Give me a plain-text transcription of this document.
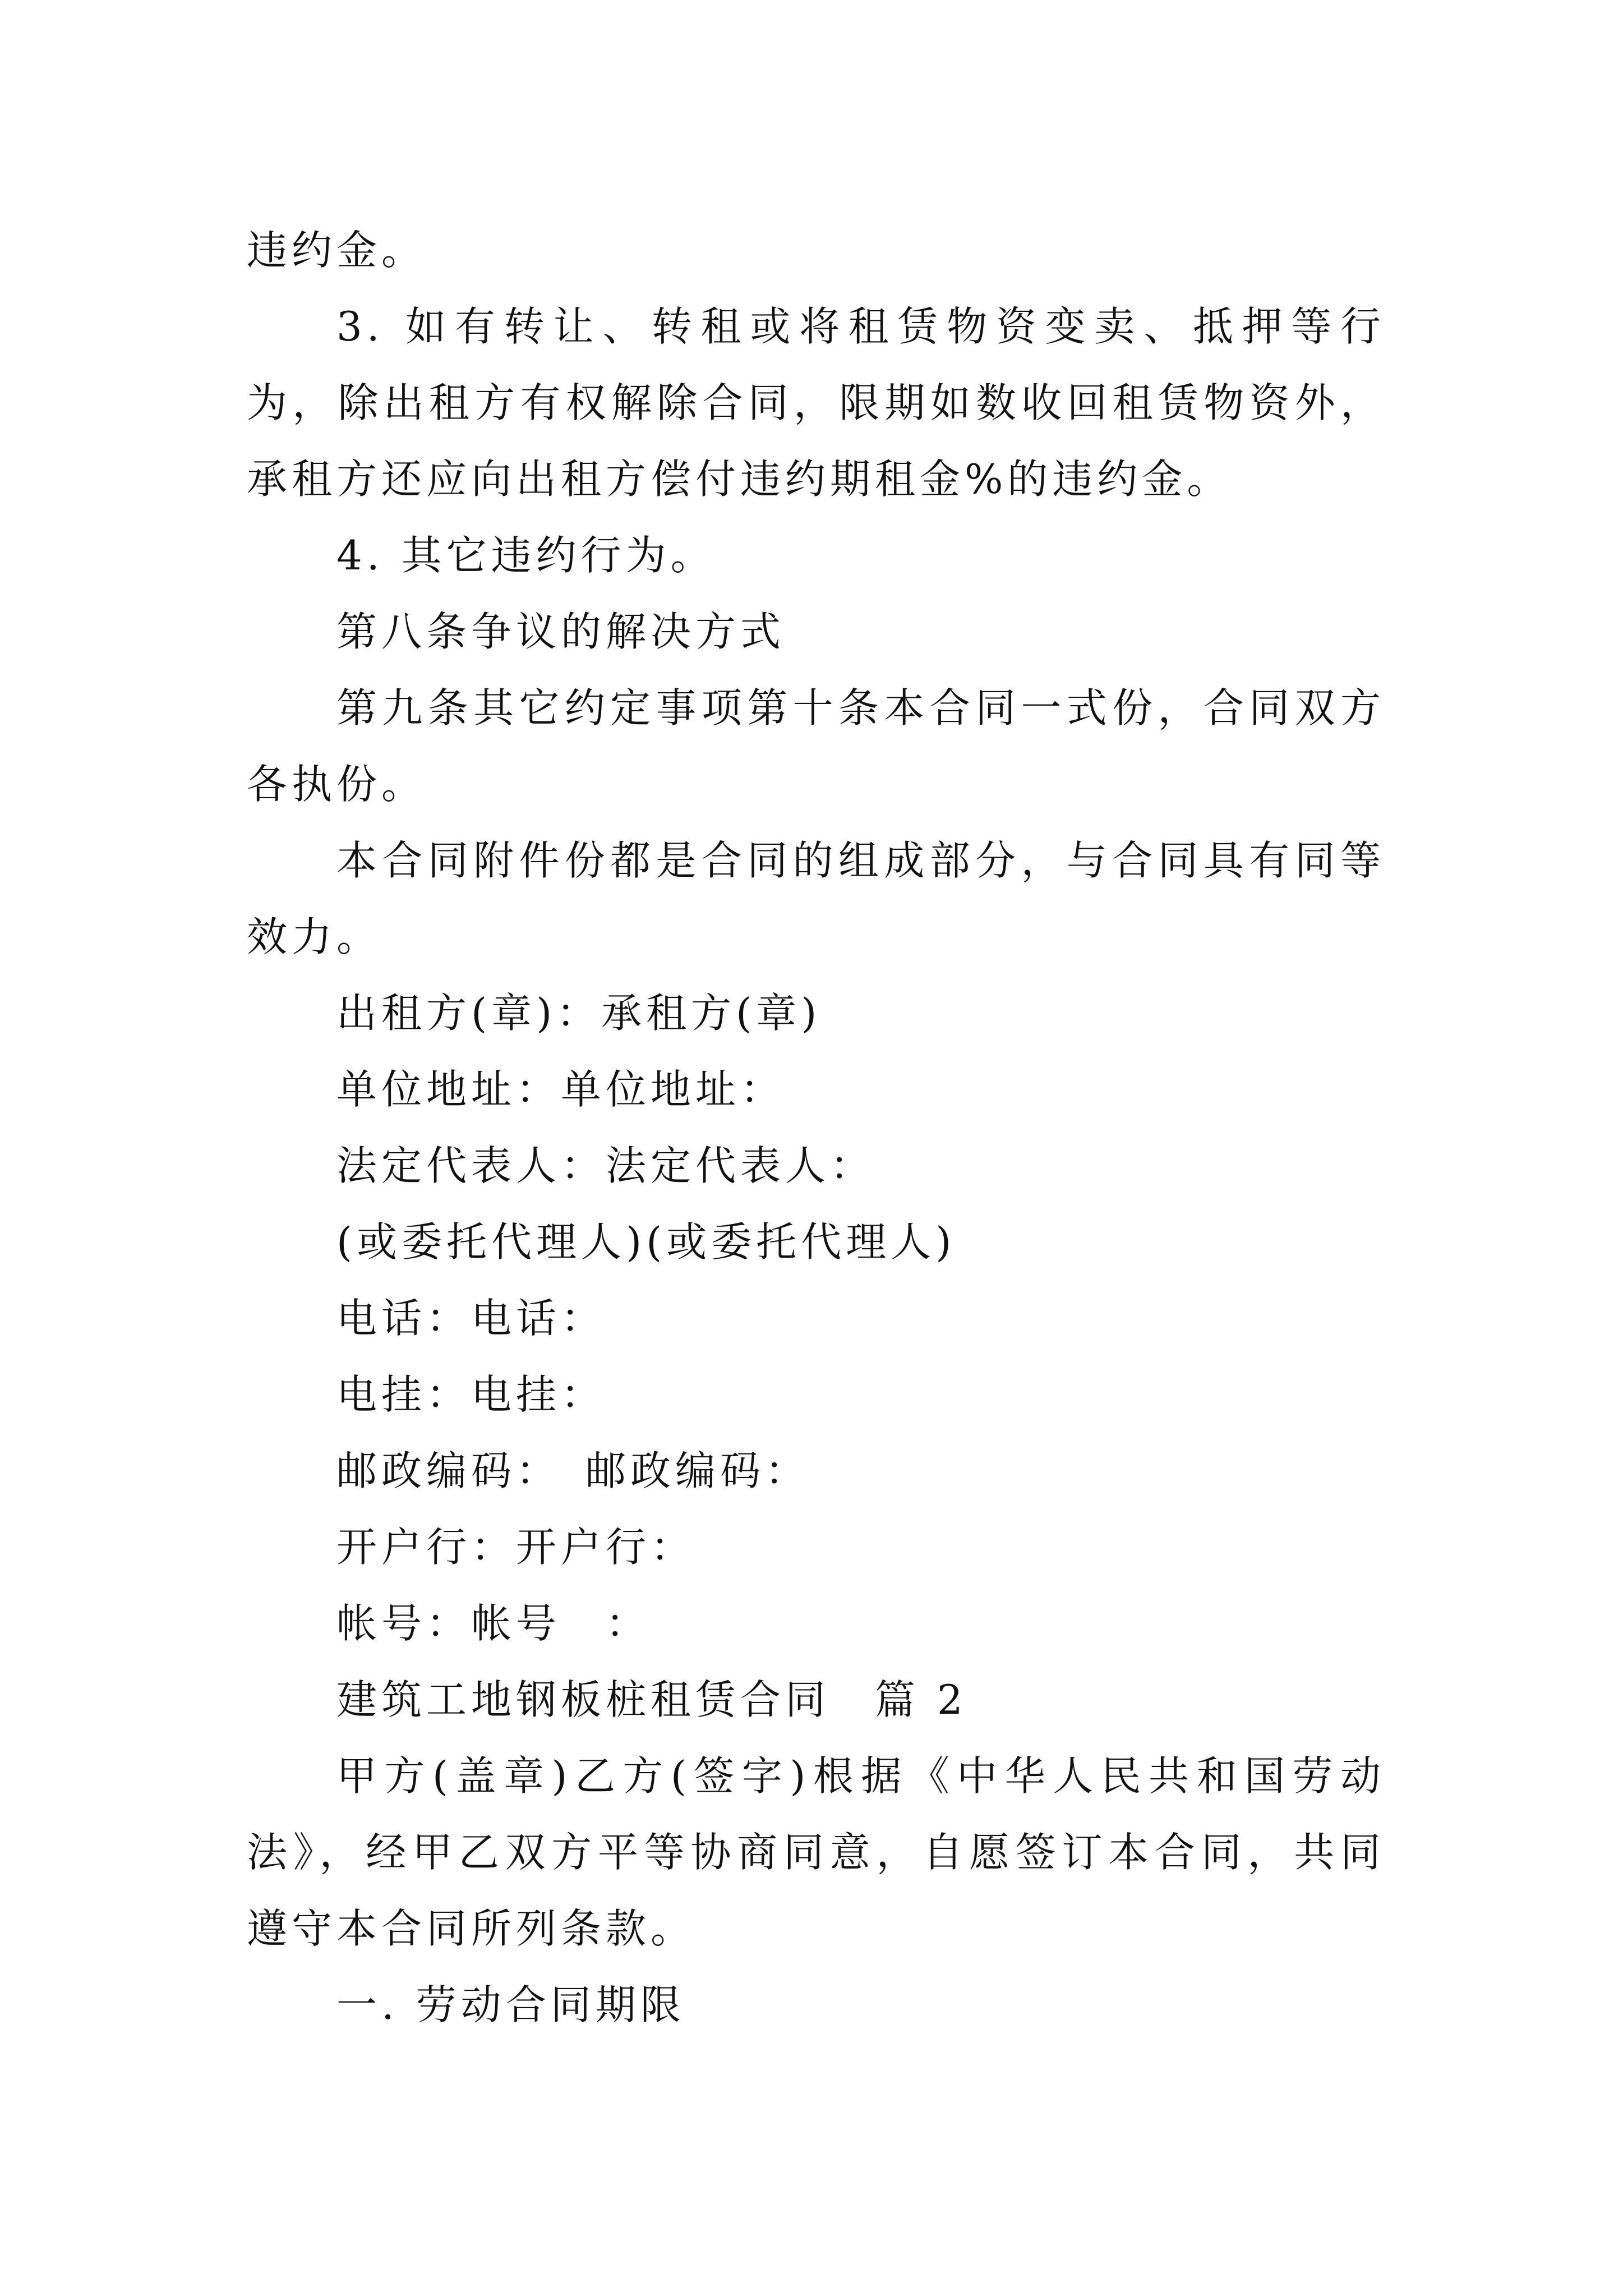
违约金。

3. 如有转让、转租或将租赁物资变卖、抵押等行为，除出租方有权解除合同，限期如数收回租赁物资外，承租方还应向出租方偿付违约期租金%的违约金。

4. 其它违约行为。

第八条争议的解决方式

第九条其它约定事项第十条本合同一式份，合同双方各执份。

本合同附件份都是合同的组成部分，与合同具有同等效力。

出租方(章)：承租方(章)

单位地址：单位地址：

法定代表人：法定代表人：

(或委托代理人)(或委托代理人)

电话：电话：

电挂：电挂：

邮政编码：　邮政编码：

开户行：开户行：

帐号：帐号　：

建筑工地钢板桩租赁合同　篇 2

甲方(盖章)乙方(签字)根据《中华人民共和国劳动法》，经甲乙双方平等协商同意，自愿签订本合同，共同遵守本合同所列条款。

一. 劳动合同期限
